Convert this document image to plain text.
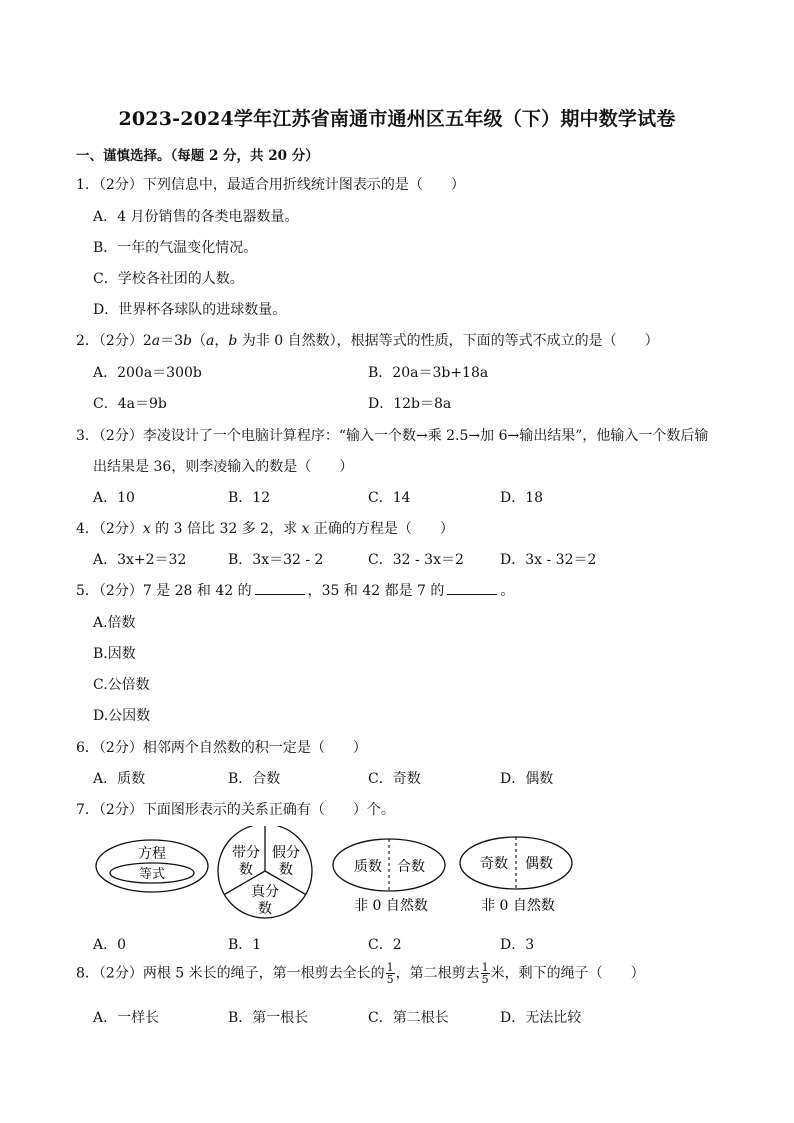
2023-2024学年江苏省南通市通州区五年级（下）期中数学试卷
一、谨慎选择。（每题 2 分，共 20 分）
1．（2分）下列信息中，最适合用折线统计图表示的是（　　）
A．4 月份销售的各类电器数量。
B．一年的气温变化情况。
C．学校各社团的人数。
D．世界杯各球队的进球数量。
2．（2分）2a＝3b（a，b 为非 0 自然数），根据等式的性质，下面的等式不成立的是（　　）
A．200a＝300b	B．20a＝3b+18a
C．4a＝9b	D．12b＝8a
3．（2分）李凌设计了一个电脑计算程序：“输入一个数→乘 2.5→加 6→输出结果”，他输入一个数后输
出结果是 36，则李凌输入的数是（　　）
A．10	B．12	C．14	D．18
4．（2分）x 的 3 倍比 32 多 2，求 x 正确的方程是（　　）
A．3x+2＝32	B．3x＝32 - 2	C．32 - 3x＝2	D．3x - 32＝2
5．（2分）7 是 28 和 42 的	，35 和 42 都是 7 的	。
A.倍数
B.因数
C.公倍数
D.公因数
6．（2分）相邻两个自然数的积一定是（　　）
A．质数	B．合数	C．奇数	D．偶数
7．（2分）下面图形表示的关系正确有（　　）个。
方程
等式
带分
数
假分
数
真分
数
质数 合数
非 0 自然数
奇数 偶数
非 0 自然数
A．0	B．1	C．2	D．3
8．（2分）两根 5 米长的绳子，第一根剪去全长的 $\frac{1}{5}$ ，第二根剪去 $\frac{1}{5}$ 米，剩下的绳子（　　）
A．一样长	B．第一根长	C．第二根长	D．无法比较
